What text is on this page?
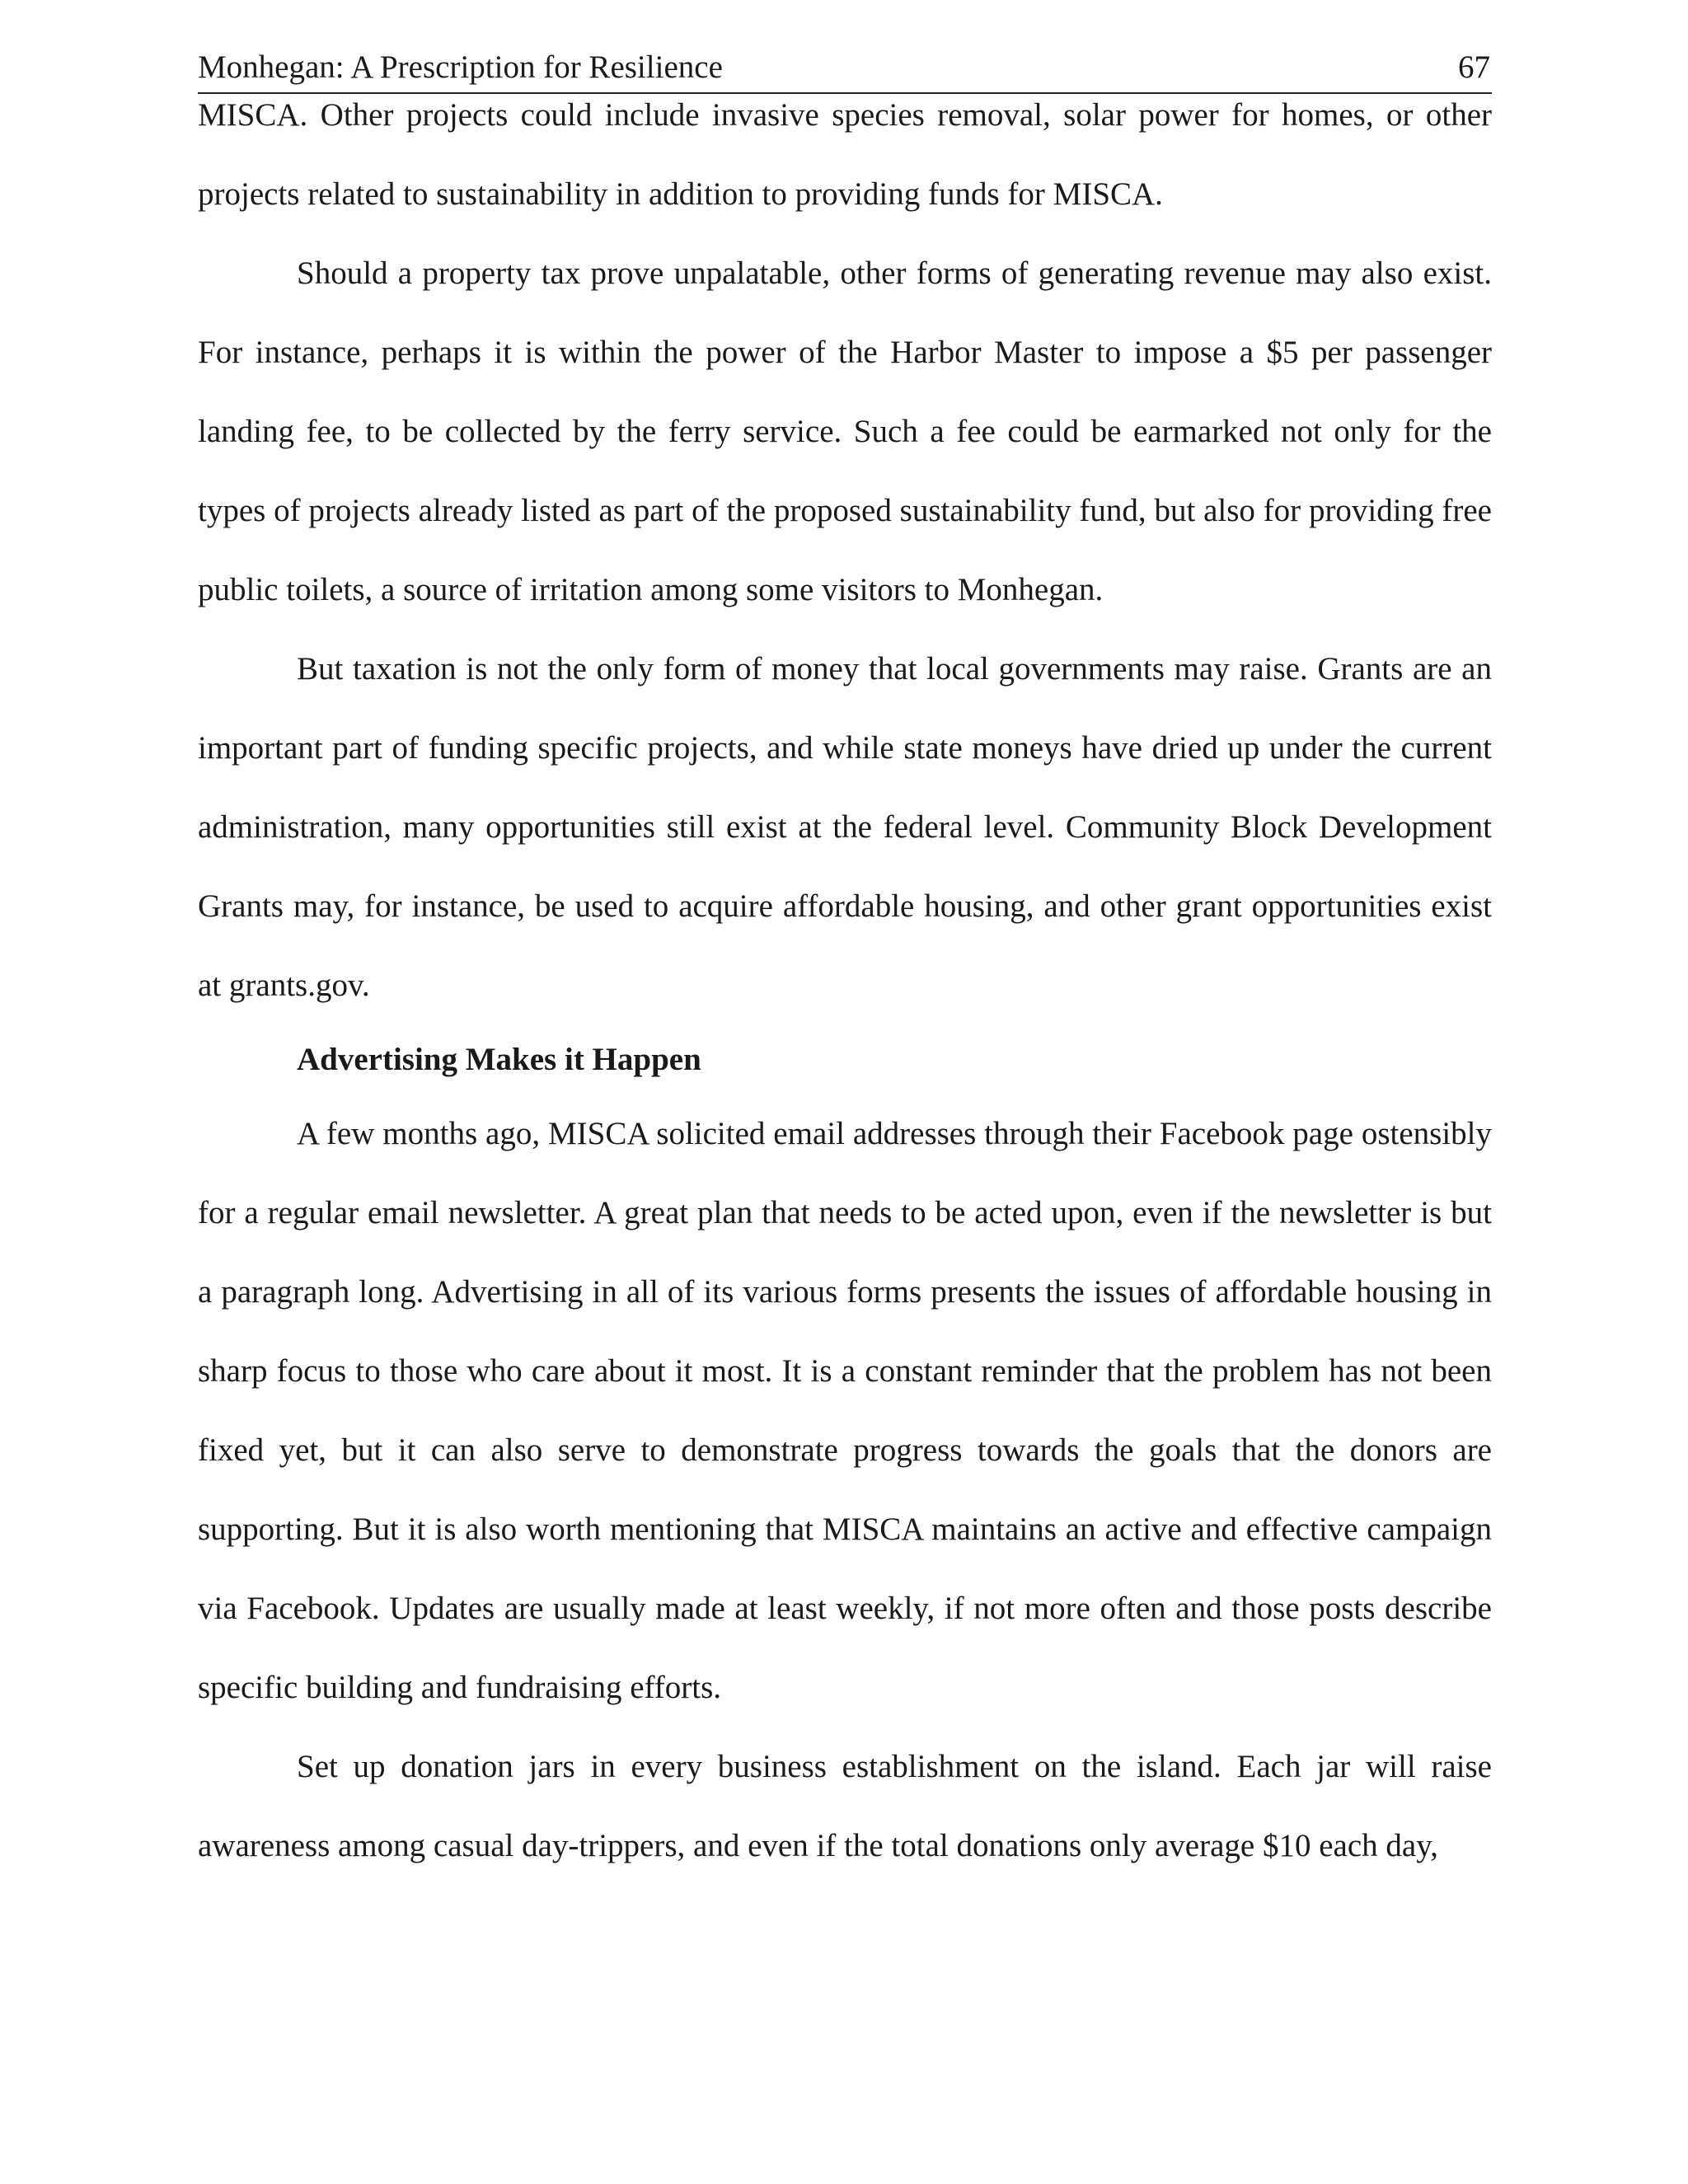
Monhegan: A Prescription for Resilience	67

MISCA. Other projects could include invasive species removal, solar power for homes, or other projects related to sustainability in addition to providing funds for MISCA.

Should a property tax prove unpalatable, other forms of generating revenue may also exist. For instance, perhaps it is within the power of the Harbor Master to impose a $5 per passenger landing fee, to be collected by the ferry service. Such a fee could be earmarked not only for the types of projects already listed as part of the proposed sustainability fund, but also for providing free public toilets, a source of irritation among some visitors to Monhegan.

But taxation is not the only form of money that local governments may raise. Grants are an important part of funding specific projects, and while state moneys have dried up under the current administration, many opportunities still exist at the federal level. Community Block Development Grants may, for instance, be used to acquire affordable housing, and other grant opportunities exist at grants.gov.

Advertising Makes it Happen

A few months ago, MISCA solicited email addresses through their Facebook page ostensibly for a regular email newsletter. A great plan that needs to be acted upon, even if the newsletter is but a paragraph long. Advertising in all of its various forms presents the issues of affordable housing in sharp focus to those who care about it most. It is a constant reminder that the problem has not been fixed yet, but it can also serve to demonstrate progress towards the goals that the donors are supporting. But it is also worth mentioning that MISCA maintains an active and effective campaign via Facebook. Updates are usually made at least weekly, if not more often and those posts describe specific building and fundraising efforts.

Set up donation jars in every business establishment on the island. Each jar will raise awareness among casual day-trippers, and even if the total donations only average $10 each day,
